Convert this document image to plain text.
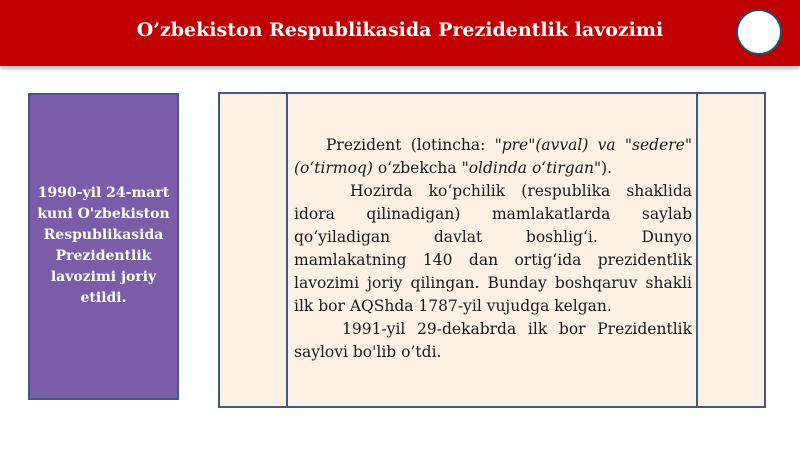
O’zbekiston Respublikasida Prezidentlik lavozimi
1990-yil 24-mart kuni O'zbekiston Respublikasida Prezidentlik lavozimi joriy etildi.

Prezident (lotincha: "pre"(avval) va "sedere" (o‘tirmoq) o‘zbekcha "oldinda o‘tirgan").

Hozirda ko‘pchilik (respublika shaklida idora qilinadigan) mamlakatlarda saylab qo‘yiladigan davlat boshlig‘i. Dunyo mamlakatning 140 dan ortig‘ida prezidentlik lavozimi joriy qilingan. Bunday boshqaruv shakli ilk bor AQShda 1787-yil vujudga kelgan.

1991-yil 29-dekabrda ilk bor Prezidentlik saylovi bo'lib o’tdi.
